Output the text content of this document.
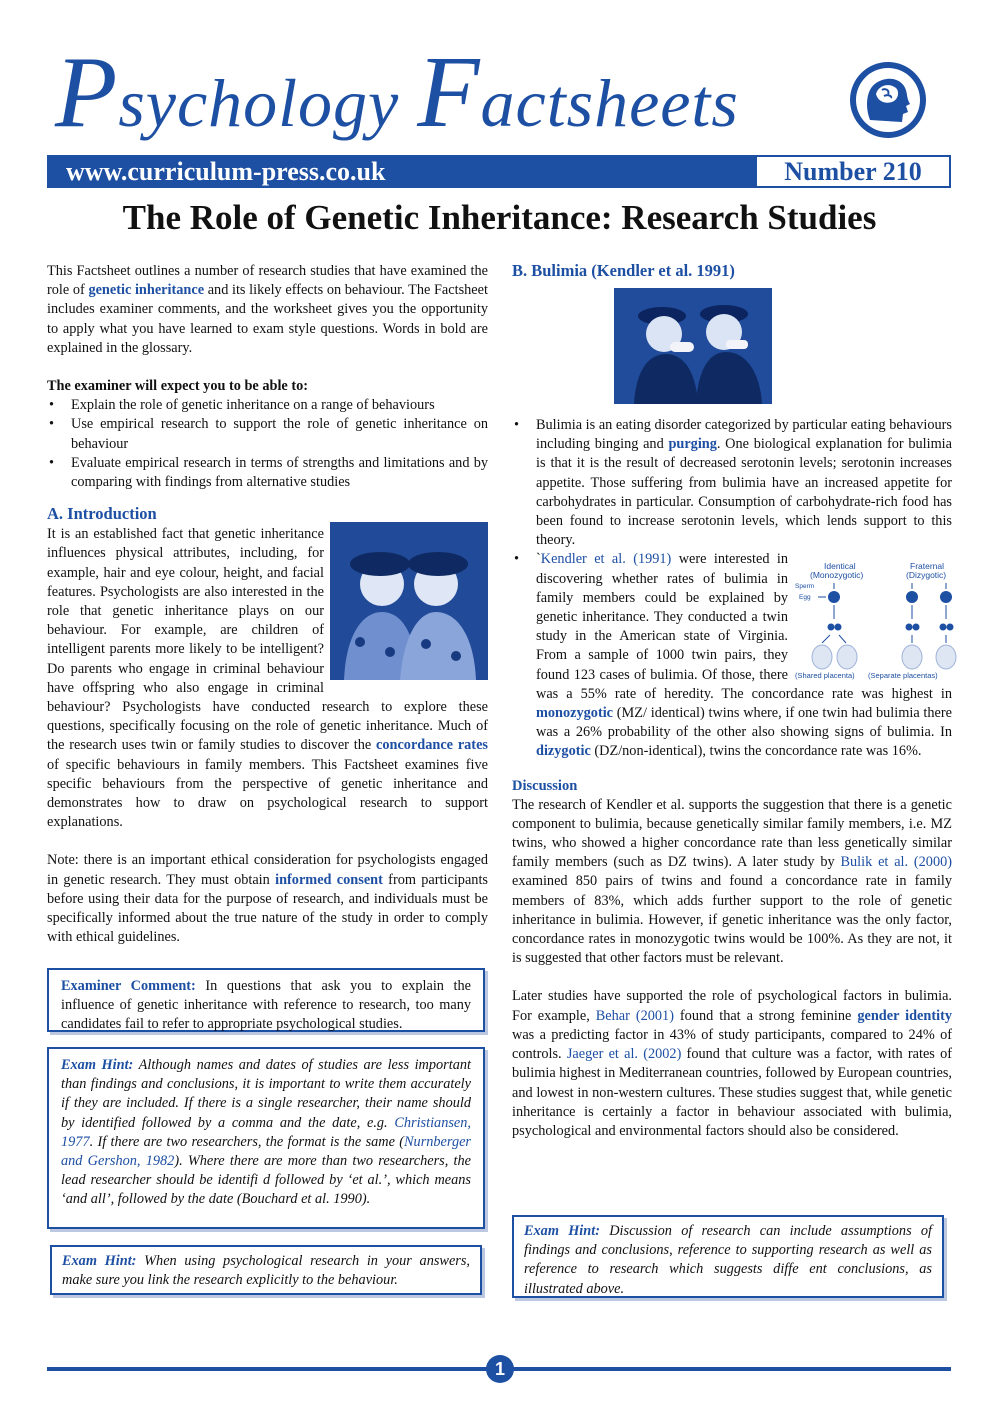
Psychology Factsheets
www.curriculum-press.co.uk	Number 210
The Role of Genetic Inheritance: Research Studies

This Factsheet outlines a number of research studies that have examined the role of genetic inheritance and its likely effects on behaviour. The Factsheet includes examiner comments, and the worksheet gives you the opportunity to apply what you have learned to exam style questions. Words in bold are explained in the glossary.

The examiner will expect you to be able to:

• Explain the role of genetic inheritance on a range of behaviours
• Use empirical research to support the role of genetic inheritance on behaviour
• Evaluate empirical research in terms of strengths and limitations and by comparing with findings from alternative studies
A. Introduction

It is an established fact that genetic inheritance influences physical attributes, including, for example, hair and eye colour, height, and facial features. Psychologists are also interested in the role that genetic inheritance plays on our behaviour. For example, are children of intelligent parents more likely to be intelligent? Do parents who engage in criminal behaviour have offspring who also engage in criminal behaviour? Psychologists have conducted research to explore these questions, specifically focusing on the role of genetic inheritance. Much of the research uses twin or family studies to discover the concordance rates of specific behaviours in family members. This Factsheet examines five specific behaviours from the perspective of genetic inheritance and demonstrates how to draw on psychological research to support explanations.

Note: there is an important ethical consideration for psychologists engaged in genetic research. They must obtain informed consent from participants before using their data for the purpose of research, and individuals must be specifically informed about the true nature of the study in order to comply with ethical guidelines.

Examiner Comment: In questions that ask you to explain the influence of genetic inheritance with reference to research, too many candidates fail to refer to appropriate psychological studies.
Exam Hint: Although names and dates of studies are less important than findings and conclusions, it is important to write them accurately if they are included. If there is a single researcher, their name should by identified followed by a comma and the date, e.g. Christiansen, 1977. If there are two researchers, the format is the same (Nurnberger and Gershon, 1982). Where there are more than two researchers, the lead researcher should be identifi d followed by ‘et al.’, which means ‘and all’, followed by the date (Bouchard et al. 1990).
Exam Hint: When using psychological research in your answers, make sure you link the research explicitly to the behaviour.
B. Bulimia (Kendler et al. 1991)
• Bulimia is an eating disorder categorized by particular eating behaviours including binging and purging. One biological explanation for bulimia is that it is the result of decreased serotonin levels; serotonin increases appetite. Those suffering from bulimia have an increased appetite for carbohydrates in particular. Consumption of carbohydrate-rich food has been found to increase serotonin levels, which lends support to this theory.
• Identical
(Monozygotic)
Fraternal
(Dizygotic)
Sperm
Egg
(Shared placenta) (Separate placentas)
`Kendler et al. (1991) were interested in discovering whether rates of bulimia in family members could be explained by genetic inheritance. They conducted a twin study in the American state of Virginia. From a sample of 1000 twin pairs, they found 123 cases of bulimia. Of those, there was a 55% rate of heredity. The concordance rate was highest in monozygotic (MZ/ identical) twins where, if one twin had bulimia there was a 26% probability of the other also showing signs of bulimia. In dizygotic (DZ/non-identical), twins the concordance rate was 16%.
Discussion

The research of Kendler et al. supports the suggestion that there is a genetic component to bulimia, because genetically similar family members, i.e. MZ twins, who showed a higher concordance rate than less genetically similar family members (such as DZ twins). A later study by Bulik et al. (2000) examined 850 pairs of twins and found a concordance rate in family members of 83%, which adds further support to the role of genetic inheritance in bulimia. However, if genetic inheritance was the only factor, concordance rates in monozygotic twins would be 100%. As they are not, it is suggested that other factors must be relevant.

Later studies have supported the role of psychological factors in bulimia. For example, Behar (2001) found that a strong feminine gender identity was a predicting factor in 43% of study participants, compared to 24% of controls. Jaeger et al. (2002) found that culture was a factor, with rates of bulimia highest in Mediterranean countries, followed by European countries, and lowest in non-western cultures. These studies suggest that, while genetic inheritance is certainly a factor in behaviour associated with bulimia, psychological and environmental factors should also be considered.

Exam Hint: Discussion of research can include assumptions of findings and conclusions, reference to supporting research as well as reference to research which suggests diffe ent conclusions, as illustrated above.
1
